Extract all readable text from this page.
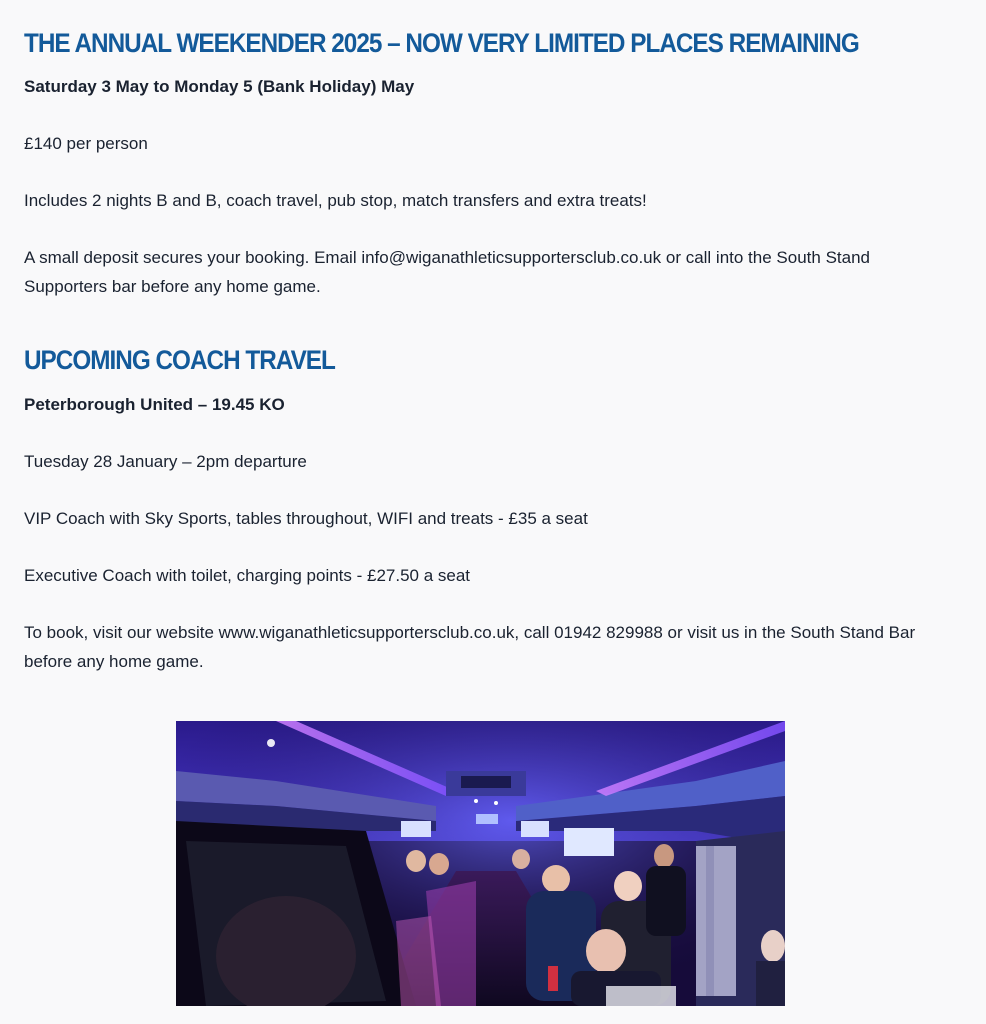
THE ANNUAL WEEKENDER 2025 – NOW VERY LIMITED PLACES REMAINING

Saturday 3 May to Monday 5 (Bank Holiday) May

£140 per person

Includes 2 nights B and B, coach travel, pub stop, match transfers and extra treats!

A small deposit secures your booking. Email info@wiganathleticsupportersclub.co.uk or call into the South Stand Supporters bar before any home game.

UPCOMING COACH TRAVEL

Peterborough United – 19.45 KO

Tuesday 28 January – 2pm departure

VIP Coach with Sky Sports, tables throughout, WIFI and treats - £35 a seat

Executive Coach with toilet, charging points - £27.50 a seat

To book, visit our website www.wiganathleticsupportersclub.co.uk, call 01942 829988 or visit us in the South Stand Bar before any home game.
